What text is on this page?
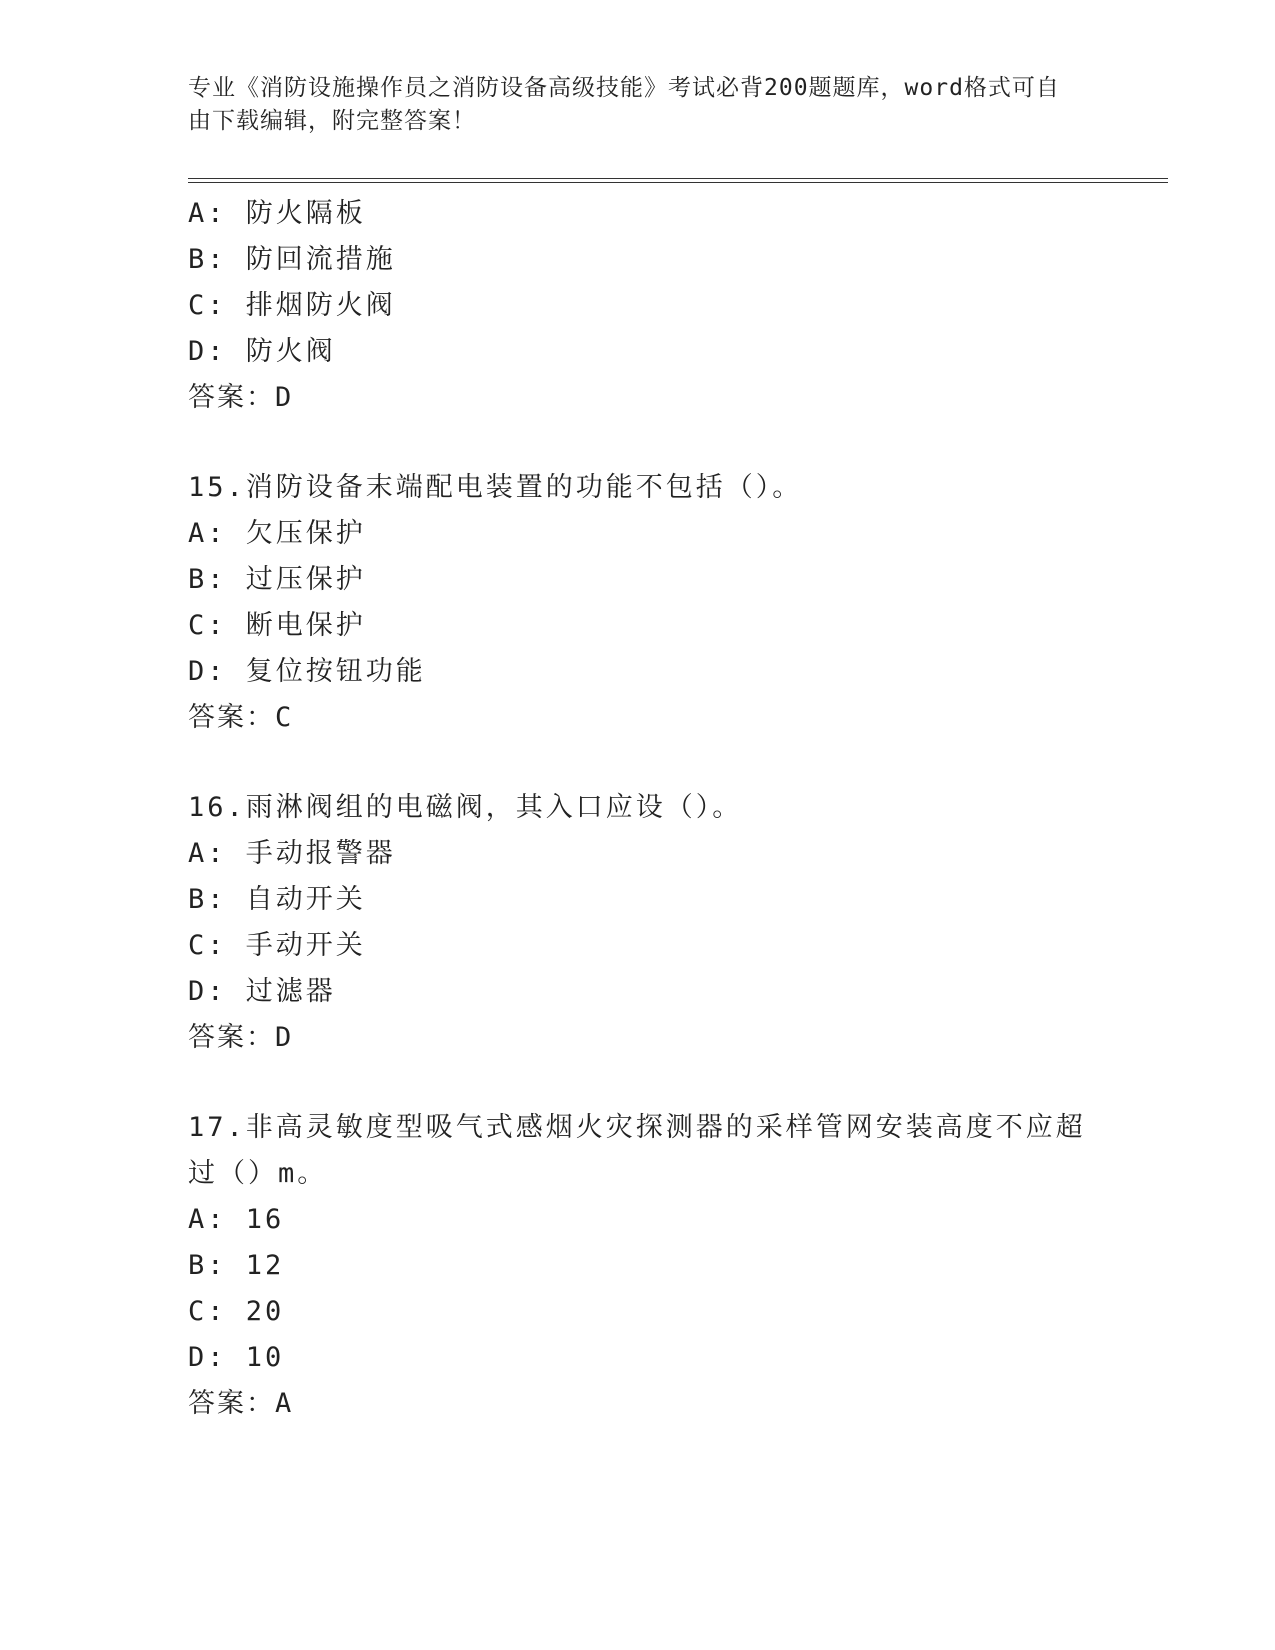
专业《消防设施操作员之消防设备高级技能》考试必背200题题库，word格式可自由下载编辑，附完整答案！
A: 防火隔板
B: 防回流措施
C: 排烟防火阀
D: 防火阀
答案：D
15.消防设备末端配电装置的功能不包括（）。
A: 欠压保护
B: 过压保护
C: 断电保护
D: 复位按钮功能
答案：C
16.雨淋阀组的电磁阀，其入口应设（）。
A: 手动报警器
B: 自动开关
C: 手动开关
D: 过滤器
答案：D
17.非高灵敏度型吸气式感烟火灾探测器的采样管网安装高度不应超过（）m。
A: 16
B: 12
C: 20
D: 10
答案：A
